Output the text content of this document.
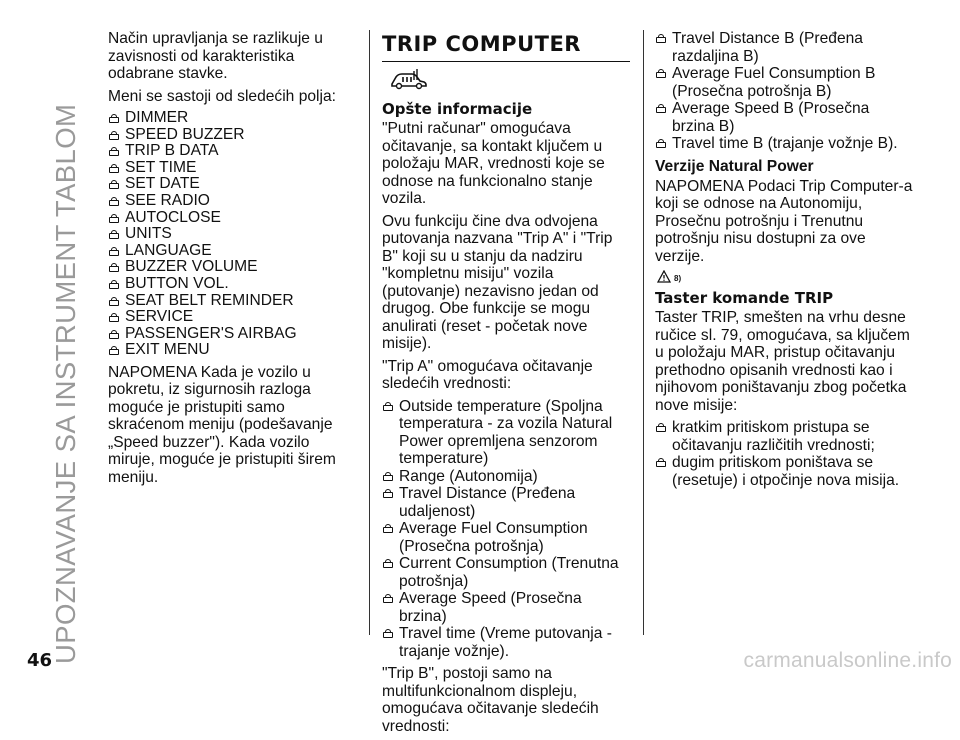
UPOZNAVANJE SA INSTRUMENT TABLOM

Način upravljanja se razlikuje u zavisnosti od karakteristika odabrane stavke.

Meni se sastoji od sledećih polja:

DIMMER
SPEED BUZZER
TRIP B DATA
SET TIME
SET DATE
SEE RADIO
AUTOCLOSE
UNITS
LANGUAGE
BUZZER VOLUME
BUTTON VOL.
SEAT BELT REMINDER
SERVICE
PASSENGER'S AIRBAG
EXIT MENU

NAPOMENA Kada je vozilo u pokretu, iz sigurnosih razloga moguće je pristupiti samo skraćenom meniju (podešavanje „Speed buzzer"). Kada vozilo miruje, moguće je pristupiti širem meniju.

TRIP COMPUTER
Opšte informacije

"Putni računar" omogućava očitavanje, sa kontakt ključem u položaju MAR, vrednosti koje se odnose na funkcionalno stanje vozila.

Ovu funkciju čine dva odvojena putovanja nazvana "Trip A" i "Trip B" koji su u stanju da nadziru "kompletnu misiju" vozila (putovanje) nezavisno jedan od drugog. Obe funkcije se mogu anulirati (reset - početak nove misije).

"Trip A" omogućava očitavanje sledećih vrednosti:

Outside temperature (Spoljna temperatura - za vozila Natural Power opremljena senzorom temperature)
Range (Autonomija)
Travel Distance (Pređena udaljenost)
Average Fuel Consumption (Prosečna potrošnja)
Current Consumption (Trenutna potrošnja)
Average Speed (Prosečna brzina)
Travel time (Vreme putovanja - trajanje vožnje).

"Trip B", postoji samo na multifunkcionalnom displeju, omogućava očitavanje sledećih vrednosti:

Travel Distance B (Pređena razdaljina B)
Average Fuel Consumption B (Prosečna potrošnja B)
Average Speed B (Prosečna brzina B)
Travel time B (trajanje vožnje B).
Verzije Natural Power

NAPOMENA Podaci Trip Computer-a koji se odnose na Autonomiju, Prosečnu potrošnju i Trenutnu potrošnju nisu dostupni za ove verzije.

8)
Taster komande TRIP

Taster TRIP, smešten na vrhu desne ručice sl. 79, omogućava, sa ključem u položaju MAR, pristup očitavanju prethodno opisanih vrednosti kao i njihovom poništavanju zbog početka nove misije:

kratkim pritiskom pristupa se očitavanju različitih vrednosti;
dugim pritiskom poništava se (resetuje) i otpočinje nova misija.
46	carmanualsonline.info
